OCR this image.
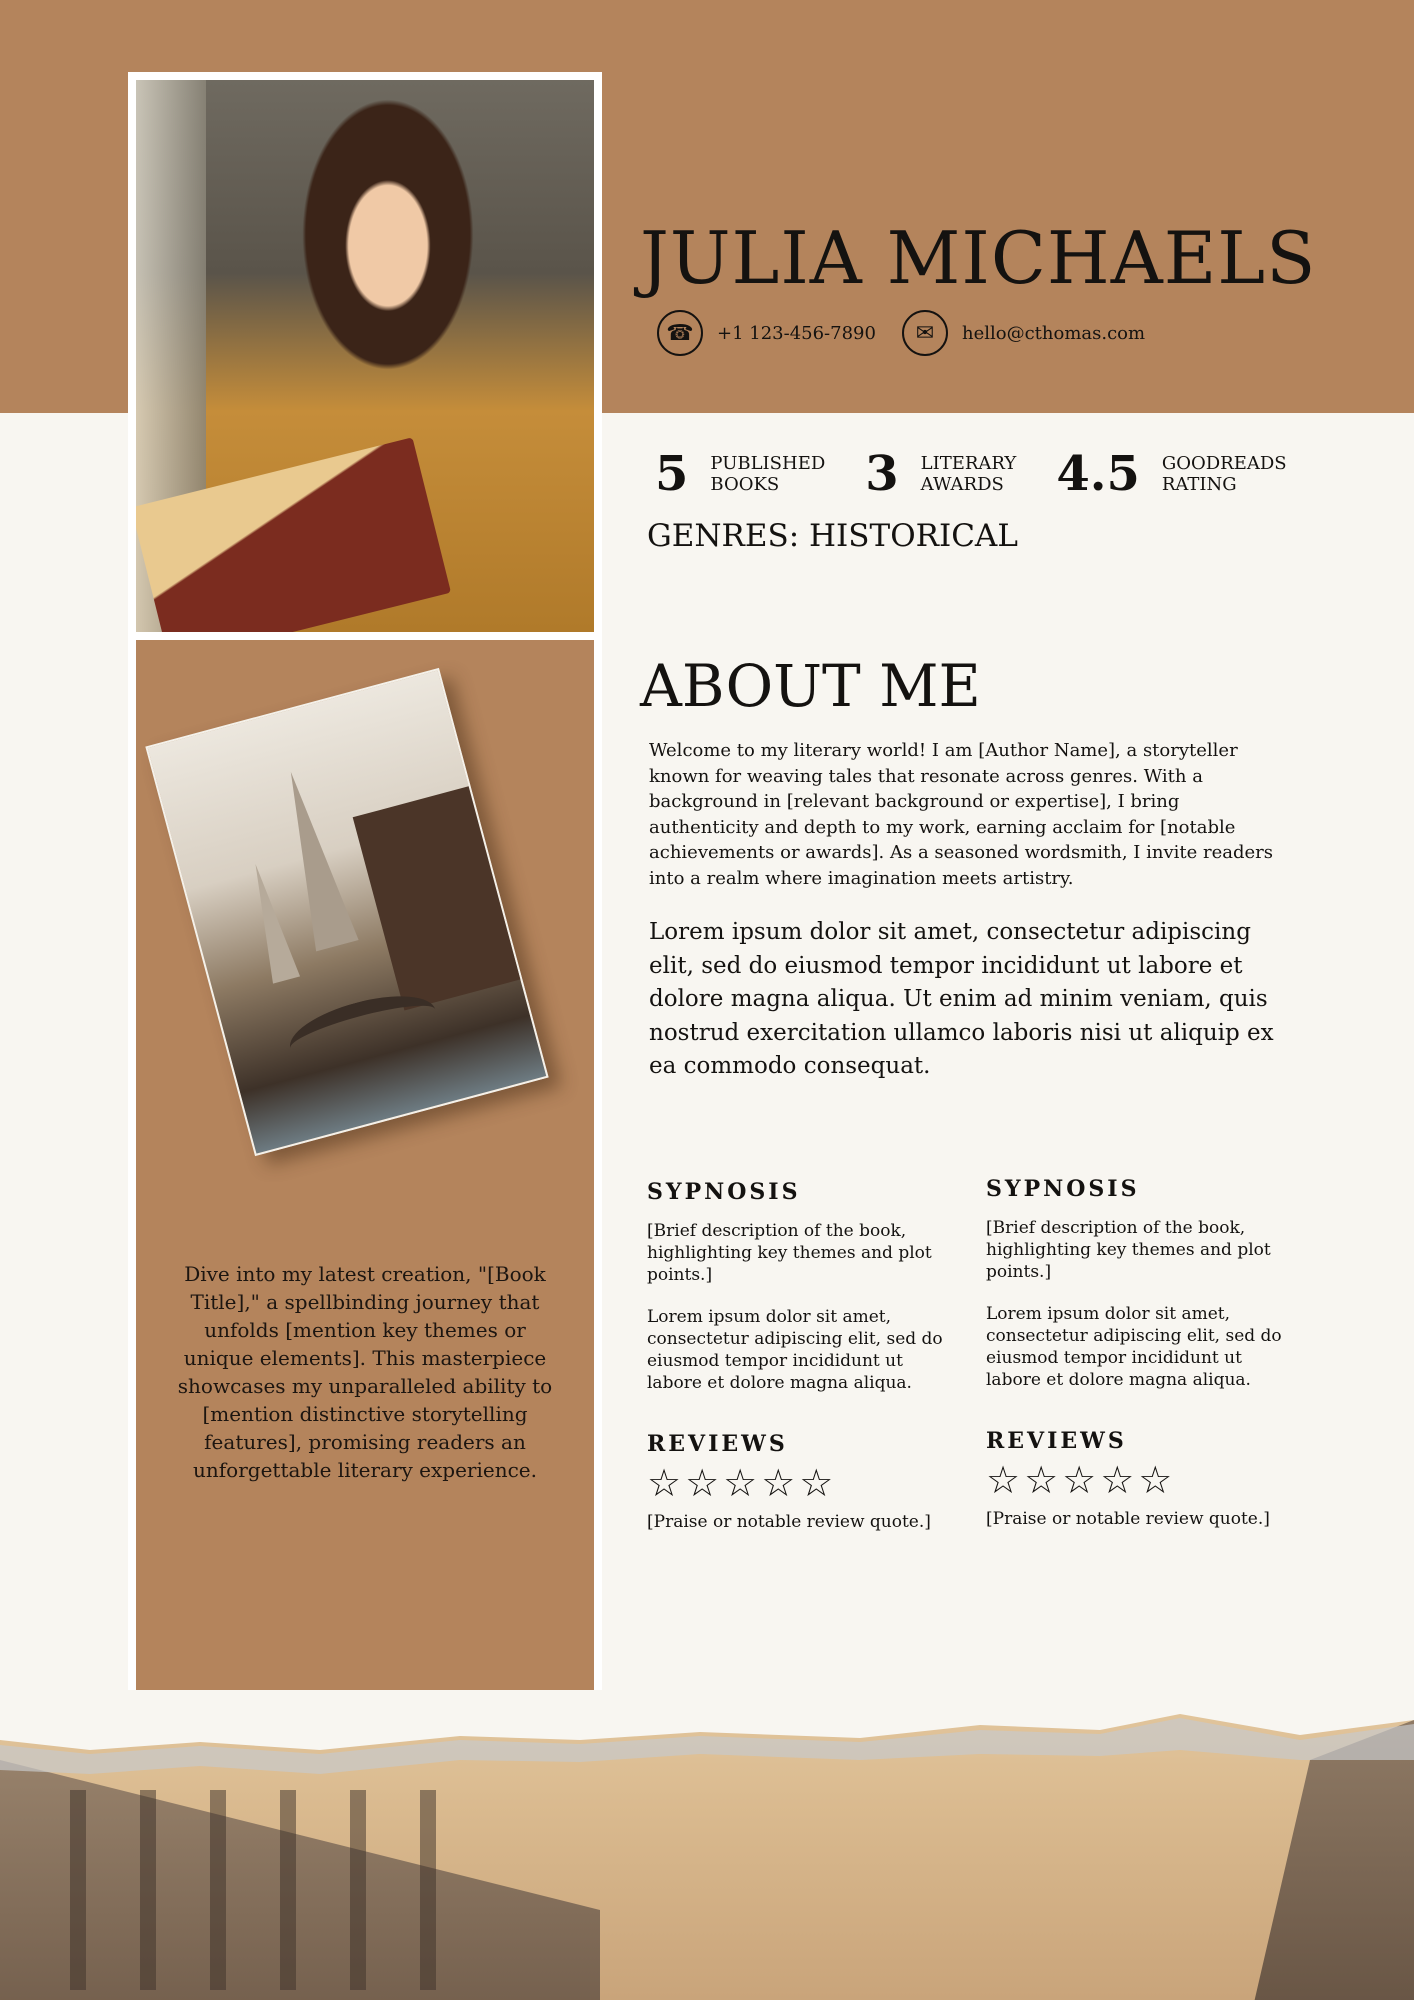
Dive into my latest creation, "[Book Title]," a spellbinding journey that unfolds [mention key themes or unique elements]. This masterpiece showcases my unparalleled ability to [mention distinctive storytelling features], promising readers an unforgettable literary experience.

JULIA MICHAELS
☎	+1 123-456-7890	✉	hello@cthomas.com
5 PUBLISHED
BOOKS	3 LITERARY
AWARDS 4.5 GOODREADS
RATING
GENRES: HISTORICAL
ABOUT ME

Welcome to my literary world! I am [Author Name], a storyteller known for weaving tales that resonate across genres. With a background in [relevant background or expertise], I bring authenticity and depth to my work, earning acclaim for [notable achievements or awards]. As a seasoned wordsmith, I invite readers into a realm where imagination meets artistry.

Lorem ipsum dolor sit amet, consectetur adipiscing elit, sed do eiusmod tempor incididunt ut labore et dolore magna aliqua. Ut enim ad minim veniam, quis nostrud exercitation ullamco laboris nisi ut aliquip ex ea commodo consequat.

SYPNOSIS

[Brief description of the book, highlighting key themes and plot points.]

Lorem ipsum dolor sit amet, consectetur adipiscing elit, sed do eiusmod tempor incididunt ut labore et dolore magna aliqua.

REVIEWS
☆☆☆☆☆
[Praise or notable review quote.]
SYPNOSIS

[Brief description of the book, highlighting key themes and plot points.]

Lorem ipsum dolor sit amet, consectetur adipiscing elit, sed do eiusmod tempor incididunt ut labore et dolore magna aliqua.

REVIEWS
☆☆☆☆☆
[Praise or notable review quote.]
